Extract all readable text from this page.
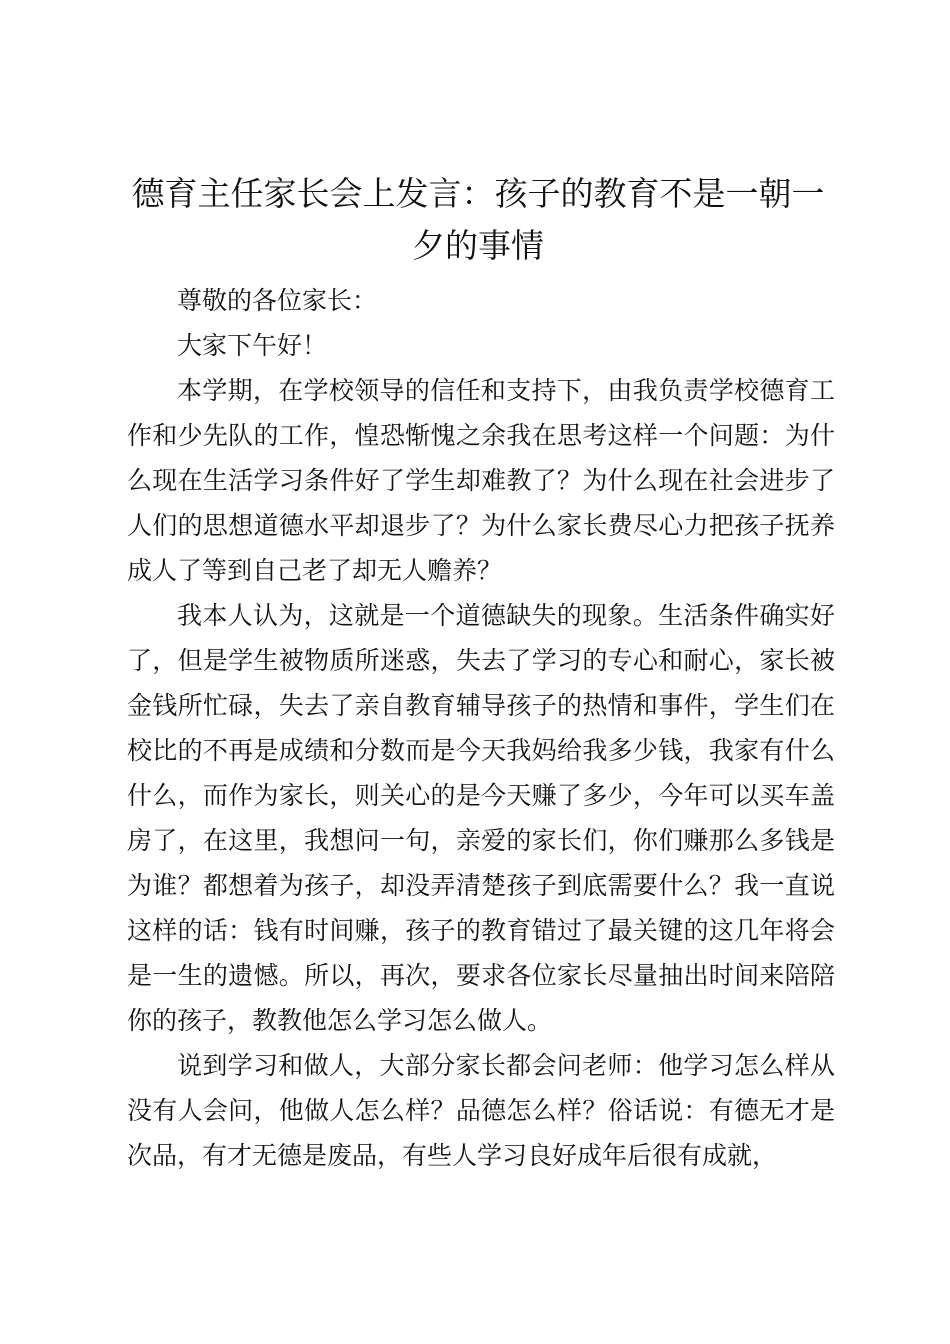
德育主任家长会上发言：孩子的教育不是一朝一夕的事情

尊敬的各位家长：

大家下午好！

本学期，在学校领导的信任和支持下，由我负责学校德育工作和少先队的工作，惶恐惭愧之余我在思考这样一个问题：为什么现在生活学习条件好了学生却难教了？为什么现在社会进步了人们的思想道德水平却退步了？为什么家长费尽心力把孩子抚养成人了等到自己老了却无人赡养？

我本人认为，这就是一个道德缺失的现象。生活条件确实好了，但是学生被物质所迷惑，失去了学习的专心和耐心，家长被金钱所忙碌，失去了亲自教育辅导孩子的热情和事件，学生们在校比的不再是成绩和分数而是今天我妈给我多少钱，我家有什么什么，而作为家长，则关心的是今天赚了多少，今年可以买车盖房了，在这里，我想问一句，亲爱的家长们，你们赚那么多钱是为谁？都想着为孩子，却没弄清楚孩子到底需要什么？我一直说这样的话：钱有时间赚，孩子的教育错过了最关键的这几年将会是一生的遗憾。所以，再次，要求各位家长尽量抽出时间来陪陪你的孩子，教教他怎么学习怎么做人。

说到学习和做人，大部分家长都会问老师：他学习怎么样从没有人会问，他做人怎么样？品德怎么样？俗话说：有德无才是次品，有才无德是废品，有些人学习良好成年后很有成就，
